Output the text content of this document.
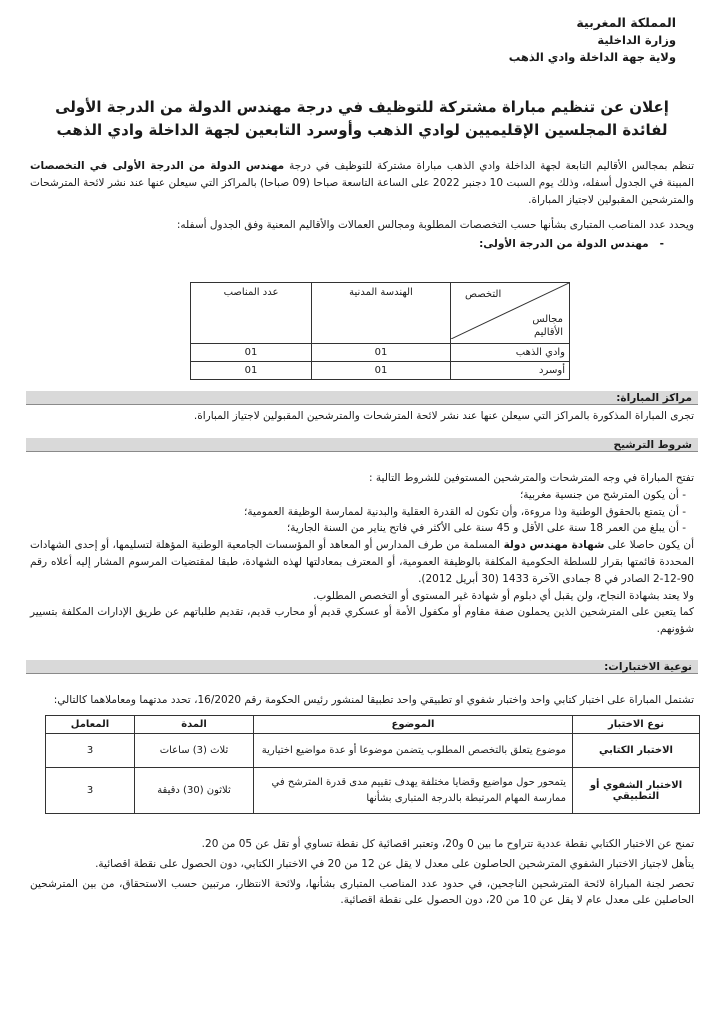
المملكة المغربية
وزارة الداخلية
ولاية جهة الداخلة وادي الذهب
إعلان عن تنظيم مباراة مشتركة للتوظيف في درجة مهندس الدولة من الدرجة الأولى
لفائدة المجلسين الإقليميين لوادي الذهب وأوسرد التابعين لجهة الداخلة وادي الذهب
تنظم بمجالس الأقاليم التابعة لجهة الداخلة وادي الذهب مباراة مشتركة للتوظيف في درجة مهندس الدولة من الدرجة الأولى في التخصصات المبينة في الجدول أسفله، وذلك يوم السبت 10 دجنبر 2022 على الساعة التاسعة صباحا (09 صباحا) بالمراكز التي سيعلن عنها عند نشر لائحة المترشحات والمترشحين المقبولين لاجتياز المباراة.
ويحدد عدد المناصب المتبارى بشأنها حسب التخصصات المطلوبة ومجالس العمالات والأقاليم المعنية وفق الجدول أسفله:
-   مهندس الدولة من الدرجة الأولى:
التخصص
مجالس
الأقاليم	الهندسة المدنية	عدد المناصب
وادي الذهب	01	01
أوسرد	01	01
مراكز المباراة:
تجرى المباراة المذكورة بالمراكز التي سيعلن عنها عند نشر لائحة المترشحات والمترشحين المقبولين لاجتياز المباراة.
شروط الترشيح
تفتح المباراة في وجه المترشحات والمترشحين المستوفين للشروط التالية :
- أن يكون المترشح من جنسية مغربية؛
- أن يتمتع بالحقوق الوطنية وذا مروءة، وأن تكون له القدرة العقلية والبدنية لممارسة الوظيفة العمومية؛
- أن يبلغ من العمر 18 سنة على الأقل و 45 سنة على الأكثر في فاتح يناير من السنة الجارية؛
أن يكون حاصلا على شهادة مهندس دولة المسلمة من طرف المدارس أو المعاهد أو المؤسسات الجامعية الوطنية المؤهلة لتسليمها، أو إحدى الشهادات المحددة قائمتها بقرار للسلطة الحكومية المكلفة بالوظيفة العمومية، أو المعترف بمعادلتها لهذه الشهادة، طبقا لمقتضيات المرسوم المشار إليه أعلاه رقم 90-12-2 الصادر في 8 جمادى الآخرة 1433 (30 أبريل 2012).
ولا يعتد بشهادة النجاح، ولن يقبل أي دبلوم أو شهادة غير المستوى أو التخصص المطلوب.
كما يتعين على المترشحين الذين يحملون صفة مقاوم أو مكفول الأمة أو عسكري قديم أو محارب قديم، تقديم طلباتهم عن طريق الإدارات المكلفة بتسيير شؤونهم.
نوعية الاختبارات:
تشتمل المباراة على اختبار كتابي واحد واختبار شفوي او تطبيقي واحد تطبيقا لمنشور رئيس الحكومة رقم 16/2020، تحدد مدتهما ومعاملاهما كالتالي:
نوع الاختبار	الموضوع	المدة	المعامل
الاختبار الكتابي	موضوع يتعلق بالتخصص المطلوب يتضمن موضوعا أو عدة مواضيع اختيارية	ثلاث (3) ساعات	3
الاختبار الشفوي أو التطبيقي	يتمحور حول مواضيع وقضايا مختلفة يهدف تقييم مدى قدرة المترشح في ممارسة المهام المرتبطة بالدرجة المتبارى بشأنها	ثلاثون (30) دقيقة	3
تمنح عن الاختبار الكتابي نقطة عددية تتراوح ما بين 0 و20، وتعتبر اقصائية كل نقطة تساوي أو تقل عن 05 من 20.
يتأهل لاجتياز الاختبار الشفوي المترشحين الحاصلون على معدل لا يقل عن 12 من 20 في الاختبار الكتابي، دون الحصول على نقطة اقصائية.
تحصر لجنة المباراة لائحة المترشحين الناجحين، في حدود عدد المناصب المتبارى بشأنها، ولائحة الانتظار، مرتبين حسب الاستحقاق، من بين المترشحين الحاصلين على معدل عام لا يقل عن 10 من 20، دون الحصول على نقطة اقصائية.
